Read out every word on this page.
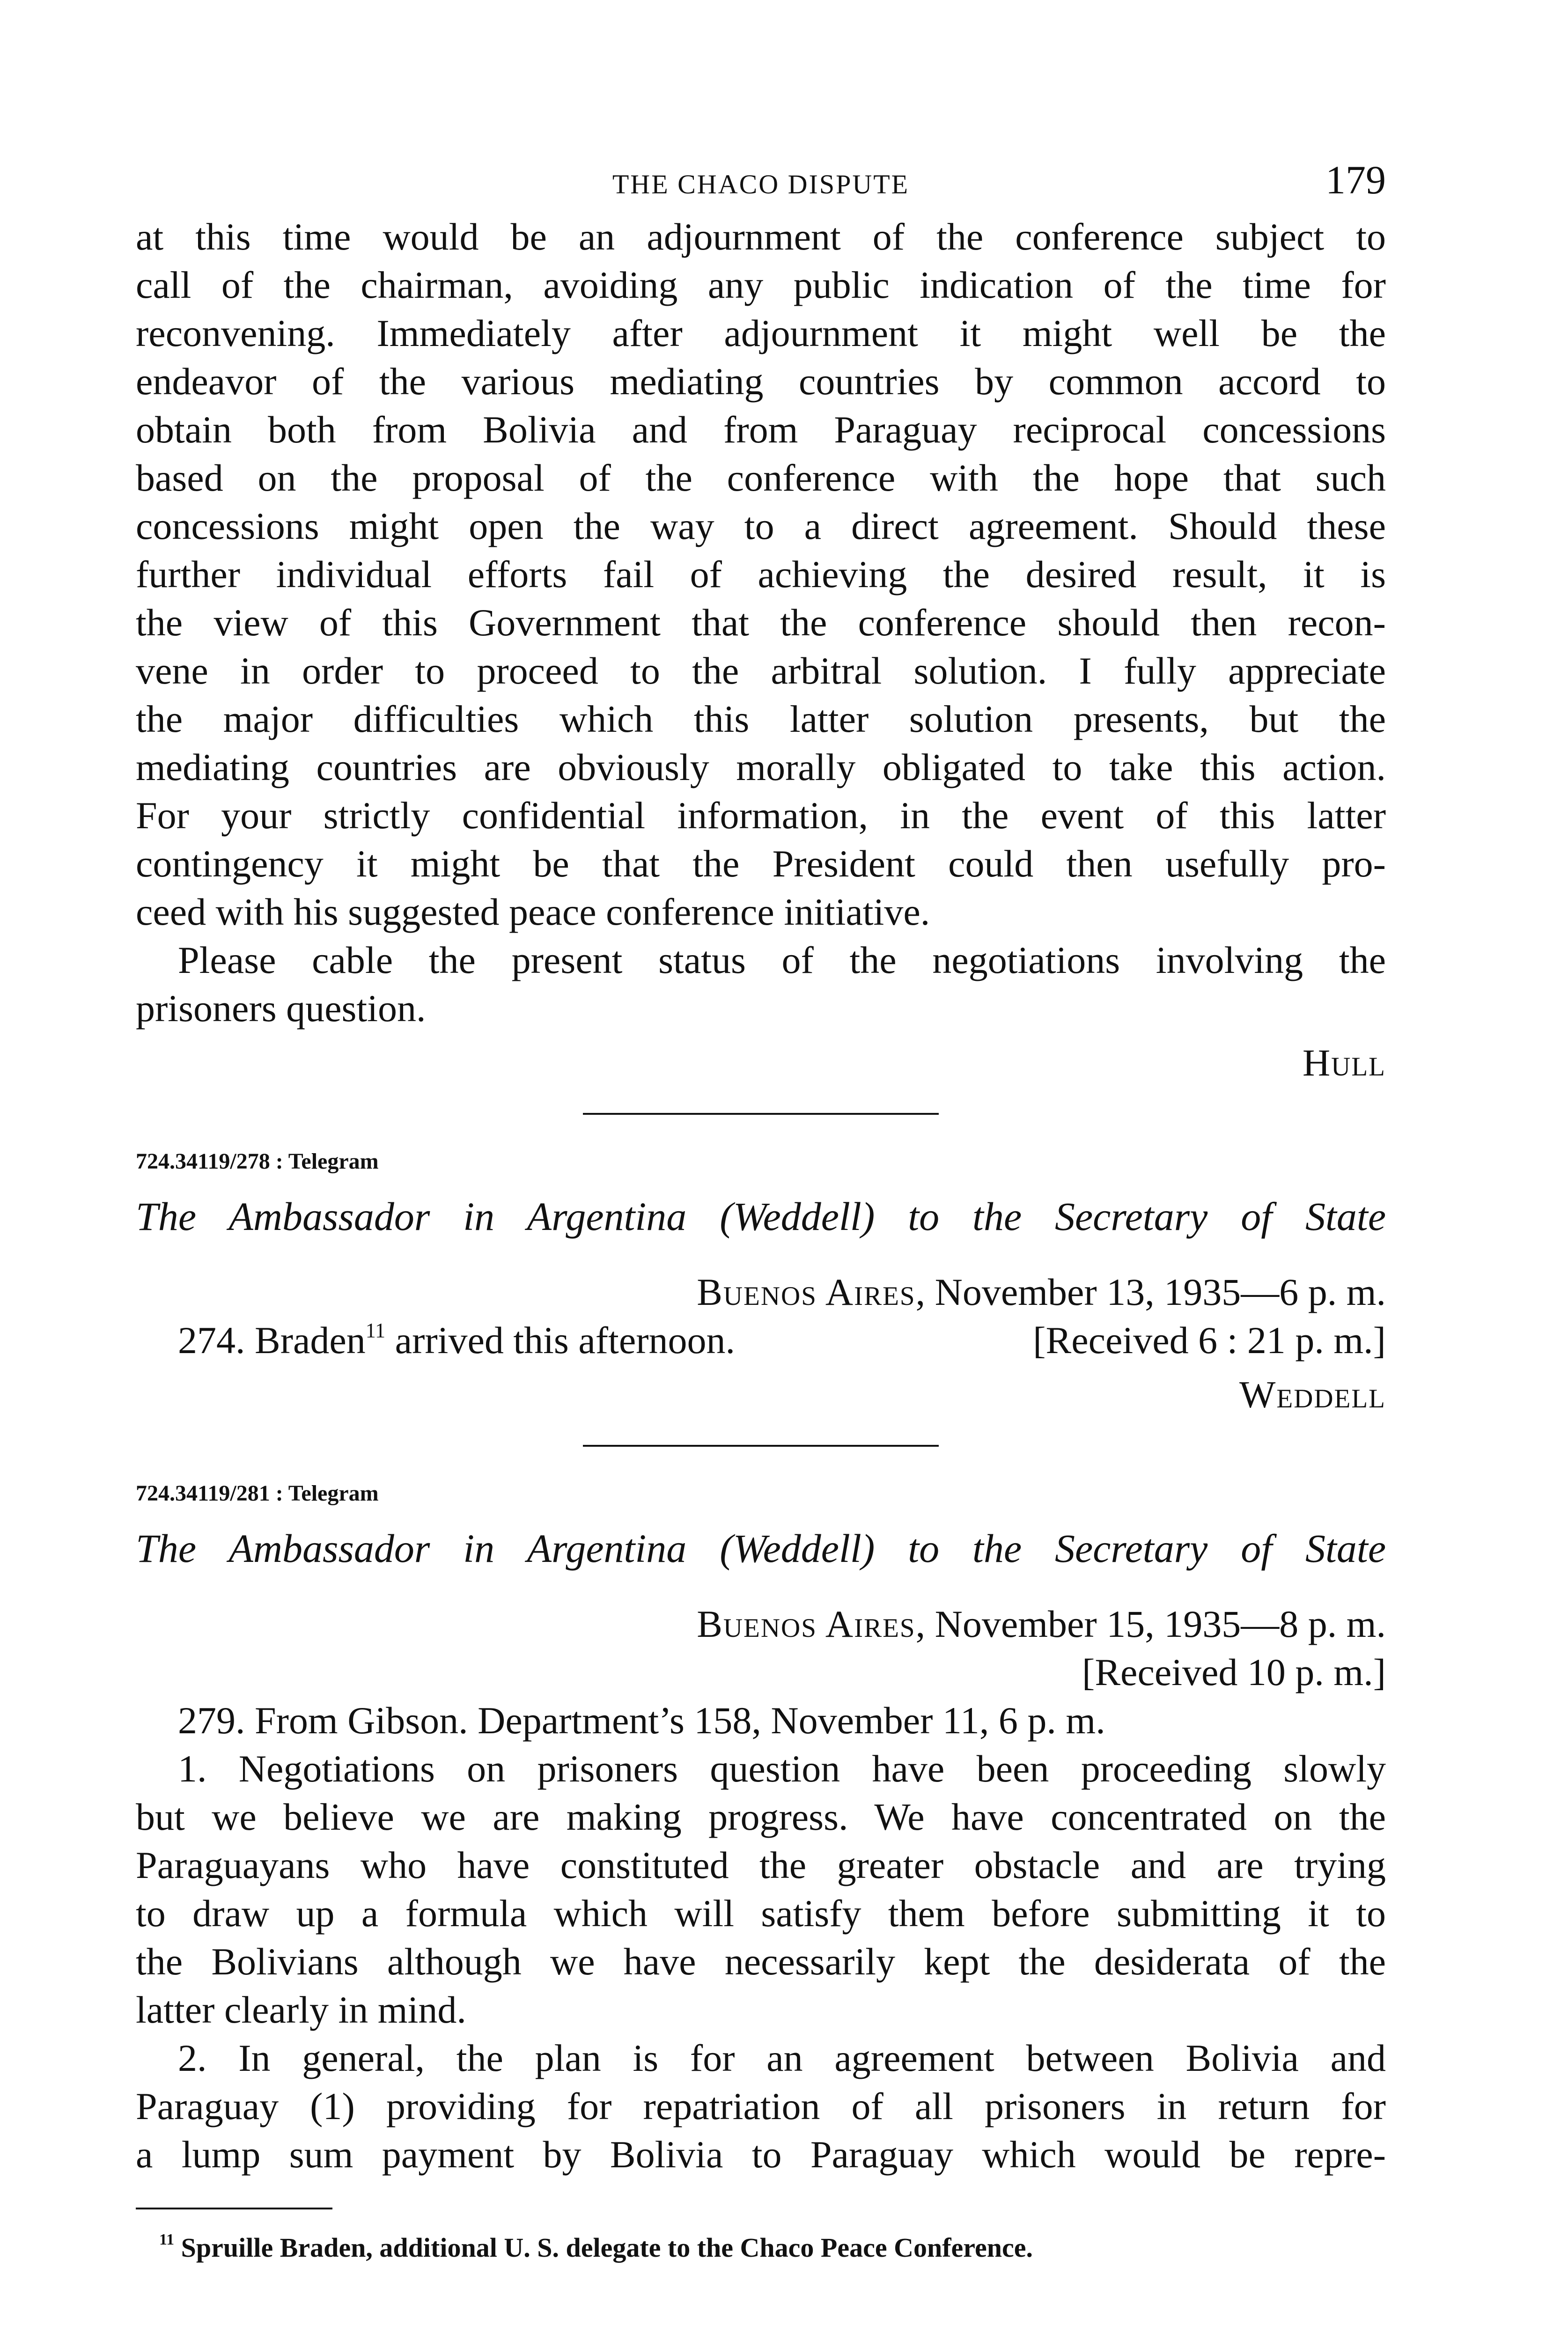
THE CHACO DISPUTE	179
at this time would be an adjournment of the conference subject to
call of the chairman, avoiding any public indication of the time for
reconvening. Immediately after adjournment it might well be the
endeavor of the various mediating countries by common accord to
obtain both from Bolivia and from Paraguay reciprocal concessions
based on the proposal of the conference with the hope that such
concessions might open the way to a direct agreement. Should these
further individual efforts fail of achieving the desired result, it is
the view of this Government that the conference should then recon-
vene in order to proceed to the arbitral solution. I fully appreciate
the major difficulties which this latter solution presents, but the
mediating countries are obviously morally obligated to take this action.
For your strictly confidential information, in the event of this latter
contingency it might be that the President could then usefully pro-
ceed with his suggested peace conference initiative.
Please cable the present status of the negotiations involving the
prisoners question.
Hull
724.34119/278 : Telegram
The Ambassador in Argentina (Weddell) to the Secretary of State
Buenos Aires, November 13, 1935—6 p. m.
[Received 6 : 21 p. m.]

274. Braden$^{11}$ arrived this afternoon.

Weddell
724.34119/281 : Telegram
The Ambassador in Argentina (Weddell) to the Secretary of State
Buenos Aires, November 15, 1935—8 p. m.
[Received 10 p. m.]

279. From Gibson. Department’s 158, November 11, 6 p. m.

1. Negotiations on prisoners question have been proceeding slowly
but we believe we are making progress. We have concentrated on the
Paraguayans who have constituted the greater obstacle and are trying
to draw up a formula which will satisfy them before submitting it to
the Bolivians although we have necessarily kept the desiderata of the
latter clearly in mind.
2. In general, the plan is for an agreement between Bolivia and
Paraguay (1) providing for repatriation of all prisoners in return for
a lump sum payment by Bolivia to Paraguay which would be repre-
$^{11}$ Spruille Braden, additional U. S. delegate to the Chaco Peace Conference.
